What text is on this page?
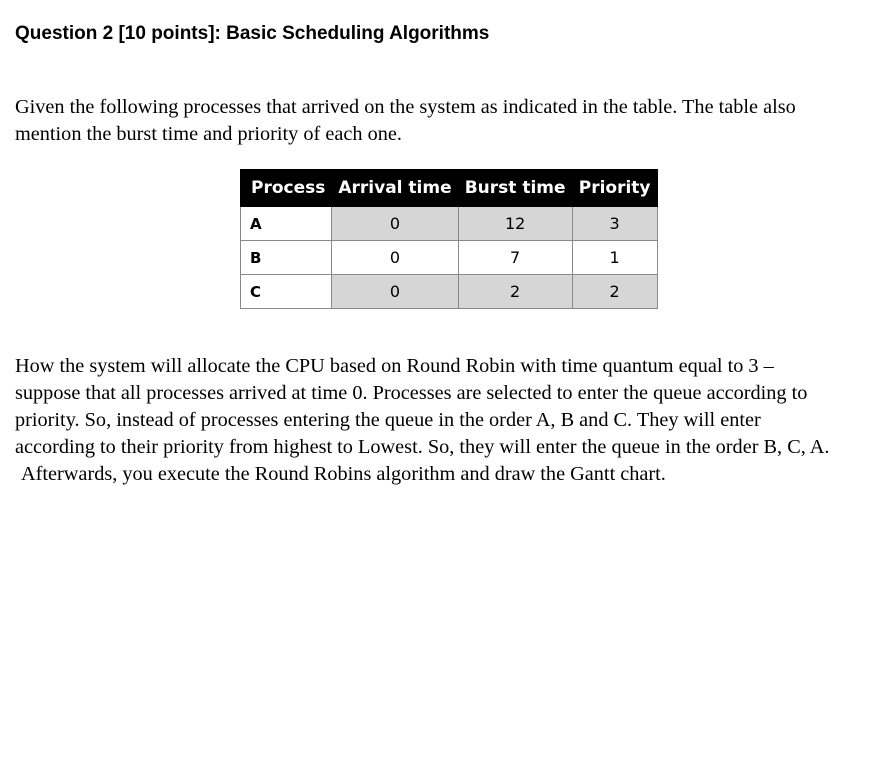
Question 2 [10 points]: Basic Scheduling Algorithms
Given the following processes that arrived on the system as indicated in the table. The table also
mention the burst time and priority of each one.
Process	Arrival time	Burst time	Priority
A	0	12	3
B	0	7	1
C	0	2	2
How the system will allocate the CPU based on Round Robin with time quantum equal to 3 –
suppose that all processes arrived at time 0. Processes are selected to enter the queue according to
priority. So, instead of processes entering the queue in the order A, B and C. They will enter
according to their priority from highest to Lowest. So, they will enter the queue in the order B, C, A.
Afterwards, you execute the Round Robins algorithm and draw the Gantt chart.
